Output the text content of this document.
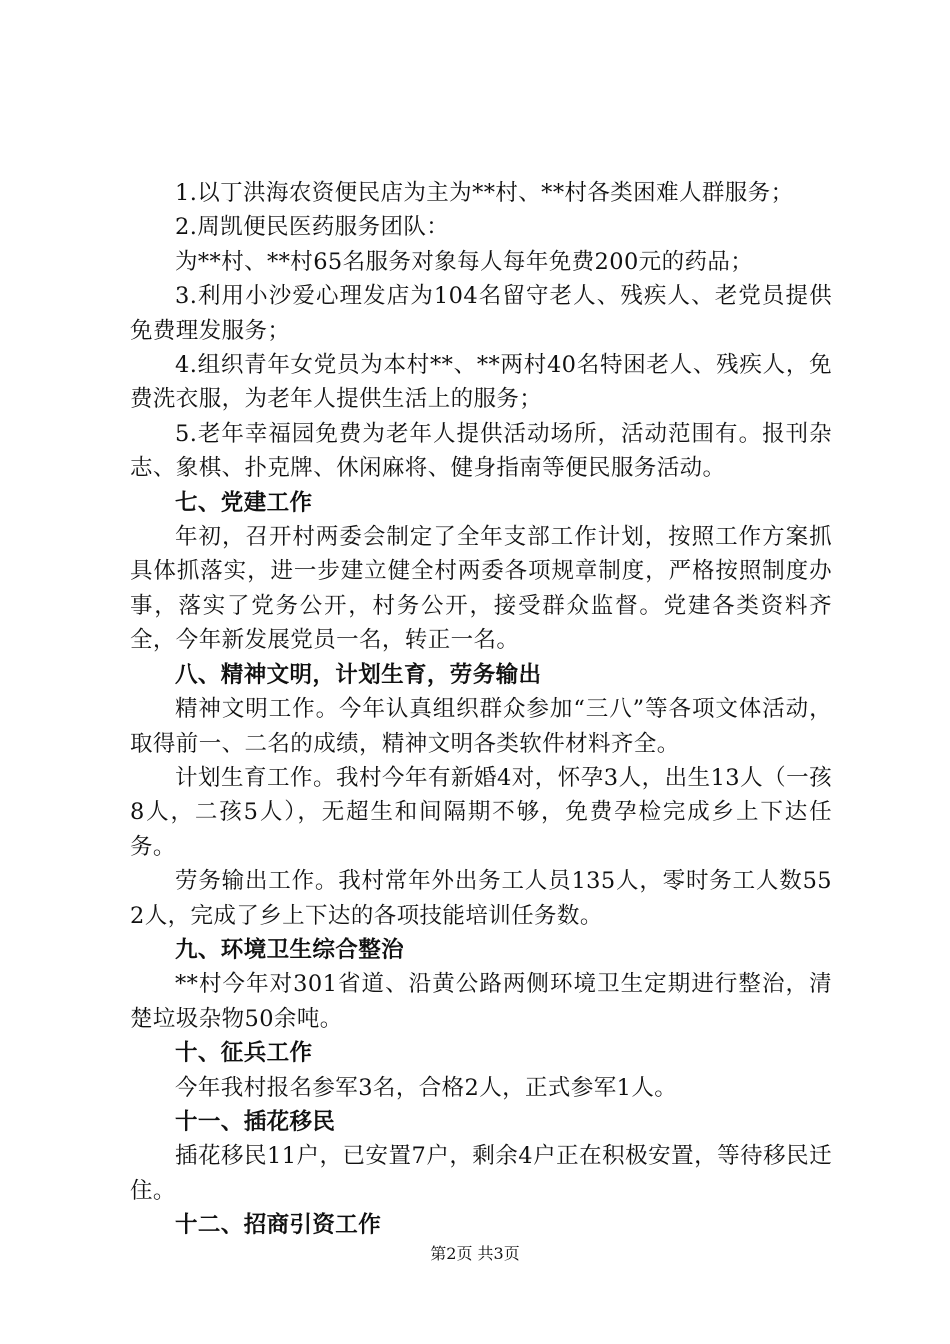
1.以丁洪海农资便民店为主为**村、**村各类困难人群服务；

2.周凯便民医药服务团队：

为**村、**村65名服务对象每人每年免费200元的药品；

3.利用小沙爱心理发店为104名留守老人、残疾人、老党员提供免费理发服务；

4.组织青年女党员为本村**、**两村40名特困老人、残疾人，免费洗衣服，为老年人提供生活上的服务；

5.老年幸福园免费为老年人提供活动场所，活动范围有。报刊杂志、象棋、扑克牌、休闲麻将、健身指南等便民服务活动。

七、党建工作

年初，召开村两委会制定了全年支部工作计划，按照工作方案抓具体抓落实，进一步建立健全村两委各项规章制度，严格按照制度办事，落实了党务公开，村务公开，接受群众监督。党建各类资料齐全，今年新发展党员一名，转正一名。

八、精神文明，计划生育，劳务输出

精神文明工作。今年认真组织群众参加“三八”等各项文体活动，取得前一、二名的成绩，精神文明各类软件材料齐全。

计划生育工作。我村今年有新婚4对，怀孕3人，出生13人（一孩8人，二孩5人），无超生和间隔期不够，免费孕检完成乡上下达任务。

劳务输出工作。我村常年外出务工人员135人，零时务工人数552人，完成了乡上下达的各项技能培训任务数。

九、环境卫生综合整治

**村今年对301省道、沿黄公路两侧环境卫生定期进行整治，清楚垃圾杂物50余吨。

十、征兵工作

今年我村报名参军3名，合格2人，正式参军1人。

十一、插花移民

插花移民11户，已安置7户，剩余4户正在积极安置，等待移民迁住。

十二、招商引资工作

第2页 共3页
